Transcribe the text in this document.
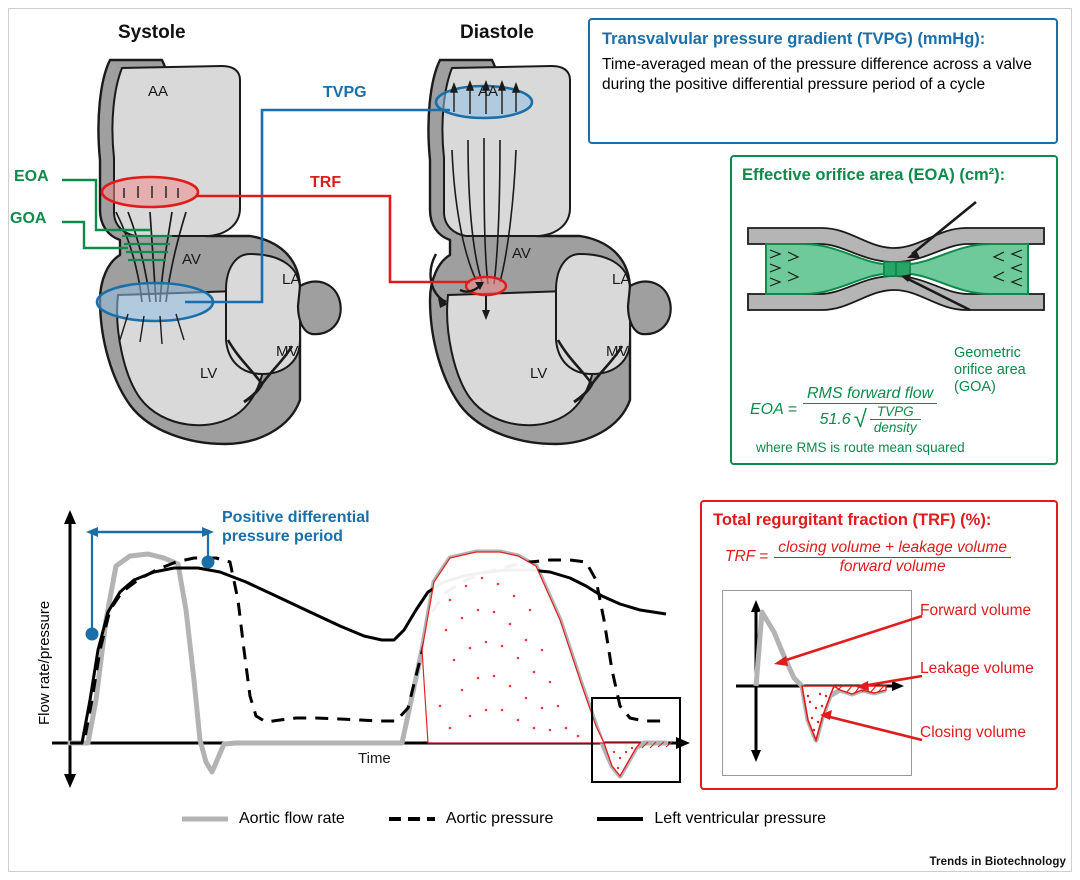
Systole	Diastole
AA
AV
LA
LV
MV
AA
AV
LA
LV
MV
EOA
GOA
TVPG
TRF
Transvalvular pressure gradient (TVPG) (mmHg):
Time-averaged mean of the pressure difference across a valve during the positive differential pressure period of a cycle
Effective orifice area (EOA) (cm²):
Geometric
orifice area
(GOA)
EOA =
RMS forward flow
51.6 √ $\frac{\text{TVPG}}{\text{density}}$
where RMS is route mean squared
Total regurgitant fraction (TRF) (%):
TRF = $\frac{\text{closing volume + leakage volume}}{\text{forward volume}}$
Forward volume
Leakage volume
Closing volume
Positive differential
pressure period
Flow rate/pressure
Time
Aortic flow rate	Aortic pressure	Left ventricular pressure
Trends in Biotechnology
